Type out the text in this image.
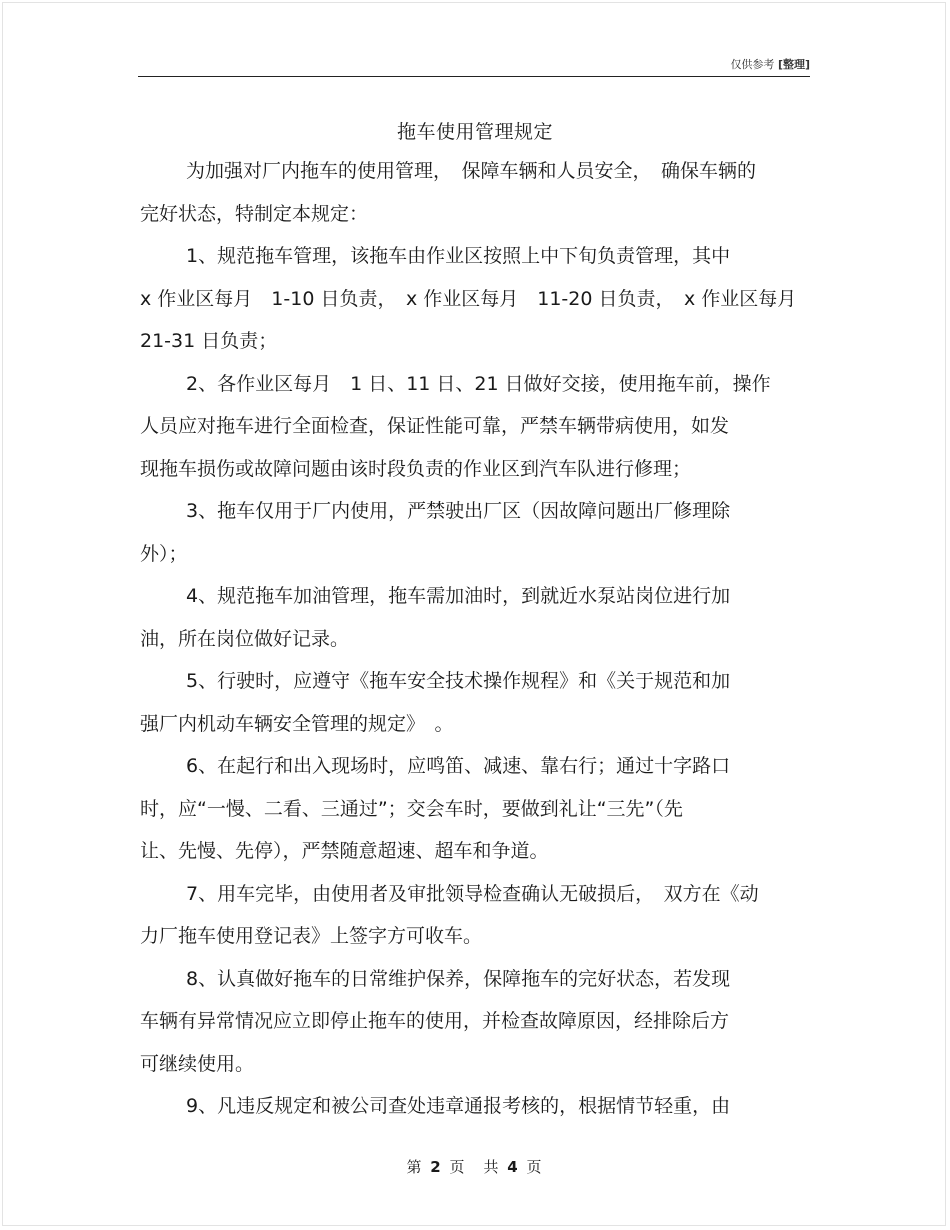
仅供参考 [整理]
拖车使用管理规定
为加强对厂内拖车的使用管理，　保障车辆和人员安全，　确保车辆的
完好状态，特制定本规定：
1、规范拖车管理，该拖车由作业区按照上中下旬负责管理，其中
x 作业区每月　1-10 日负责，　x 作业区每月　11-20 日负责，　x 作业区每月
21-31 日负责；
2、各作业区每月　1 日、11 日、21 日做好交接，使用拖车前，操作
人员应对拖车进行全面检查，保证性能可靠，严禁车辆带病使用，如发
现拖车损伤或故障问题由该时段负责的作业区到汽车队进行修理；
3、拖车仅用于厂内使用，严禁驶出厂区（因故障问题出厂修理除
外）；
4、规范拖车加油管理，拖车需加油时，到就近水泵站岗位进行加
油，所在岗位做好记录。
5、行驶时，应遵守《拖车安全技术操作规程》和《关于规范和加
强厂内机动车辆安全管理的规定》　。
6、在起行和出入现场时，应鸣笛、减速、靠右行；通过十字路口
时，应“一慢、二看、三通过”；交会车时，要做到礼让“三先”（先
让、先慢、先停），严禁随意超速、超车和争道。
7、用车完毕，由使用者及审批领导检查确认无破损后，　双方在《动
力厂拖车使用登记表》上签字方可收车。
8、认真做好拖车的日常维护保养，保障拖车的完好状态，若发现
车辆有异常情况应立即停止拖车的使用，并检查故障原因，经排除后方
可继续使用。
9、凡违反规定和被公司查处违章通报考核的，根据情节轻重，由
第 2 页　共 4 页
